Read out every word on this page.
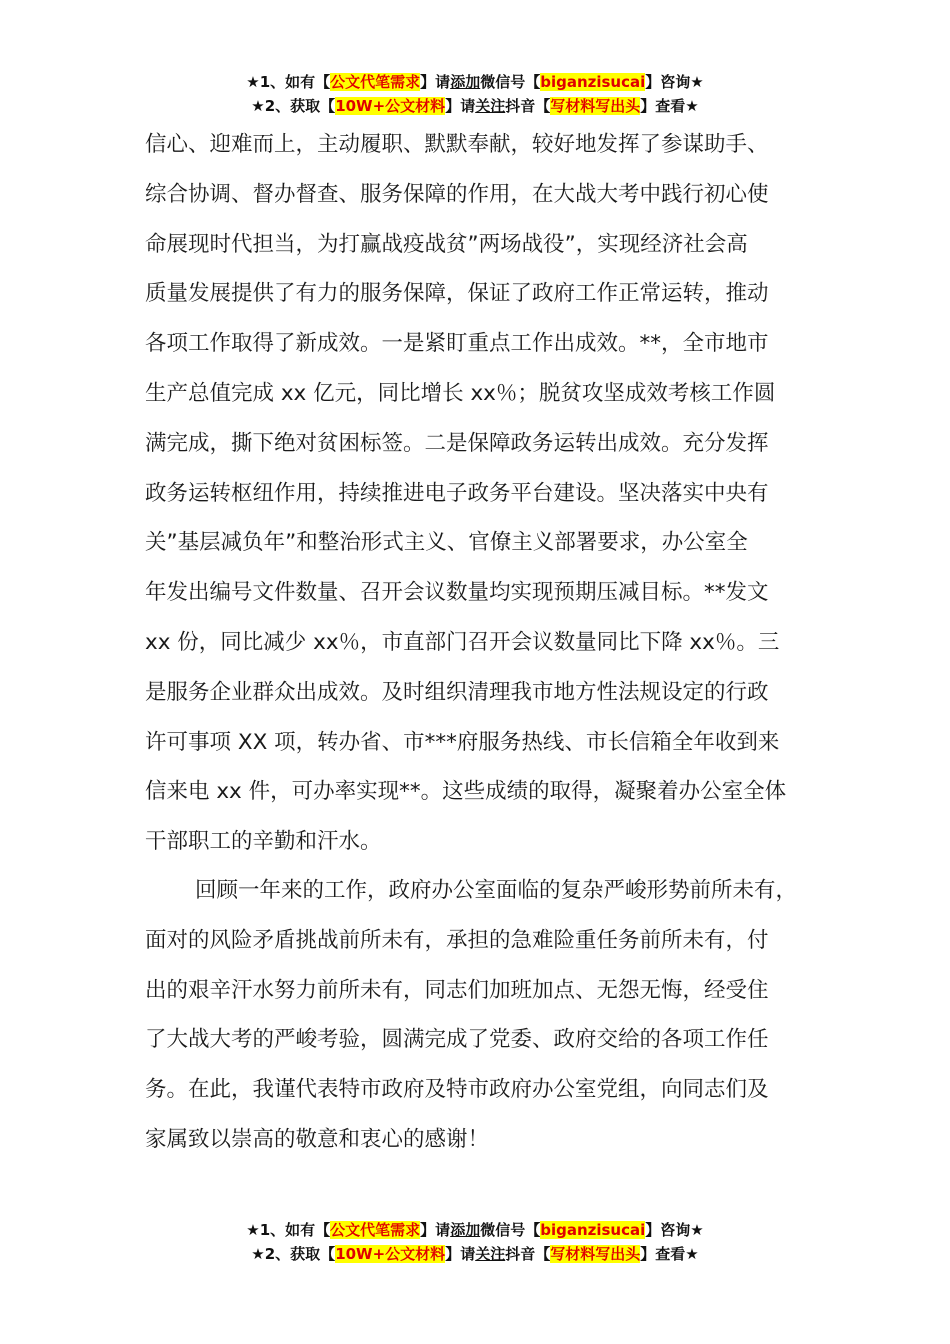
★1、如有【公文代笔需求】请添加微信号【biganzisucai】咨询★
★2、获取【10W+公文材料】请关注抖音【写材料写出头】查看★

信心、迎难而上，主动履职、默默奉献，较好地发挥了参谋助手、

综合协调、督办督查、服务保障的作用，在大战大考中践行初心使

命展现时代担当，为打赢战疫战贫”两场战役”，实现经济社会高

质量发展提供了有力的服务保障，保证了政府工作正常运转，推动

各项工作取得了新成效。一是紧盯重点工作出成效。**，全市地市

生产总值完成 xx 亿元，同比增长 xx％；脱贫攻坚成效考核工作圆

满完成，撕下绝对贫困标签。二是保障政务运转出成效。充分发挥

政务运转枢纽作用，持续推进电子政务平台建设。坚决落实中央有

关”基层减负年”和整治形式主义、官僚主义部署要求，办公室全

年发出编号文件数量、召开会议数量均实现预期压减目标。**发文

xx 份，同比减少 xx％，市直部门召开会议数量同比下降 xx％。三

是服务企业群众出成效。及时组织清理我市地方性法规设定的行政

许可事项 XX 项，转办省、市***府服务热线、市长信箱全年收到来

信来电 xx 件，可办率实现**。这些成绩的取得，凝聚着办公室全体

干部职工的辛勤和汗水。

回顾一年来的工作，政府办公室面临的复杂严峻形势前所未有，

面对的风险矛盾挑战前所未有，承担的急难险重任务前所未有，付

出的艰辛汗水努力前所未有，同志们加班加点、无怨无悔，经受住

了大战大考的严峻考验，圆满完成了党委、政府交给的各项工作任

务。在此，我谨代表特市政府及特市政府办公室党组，向同志们及

家属致以崇高的敬意和衷心的感谢！

★1、如有【公文代笔需求】请添加微信号【biganzisucai】咨询★
★2、获取【10W+公文材料】请关注抖音【写材料写出头】查看★
